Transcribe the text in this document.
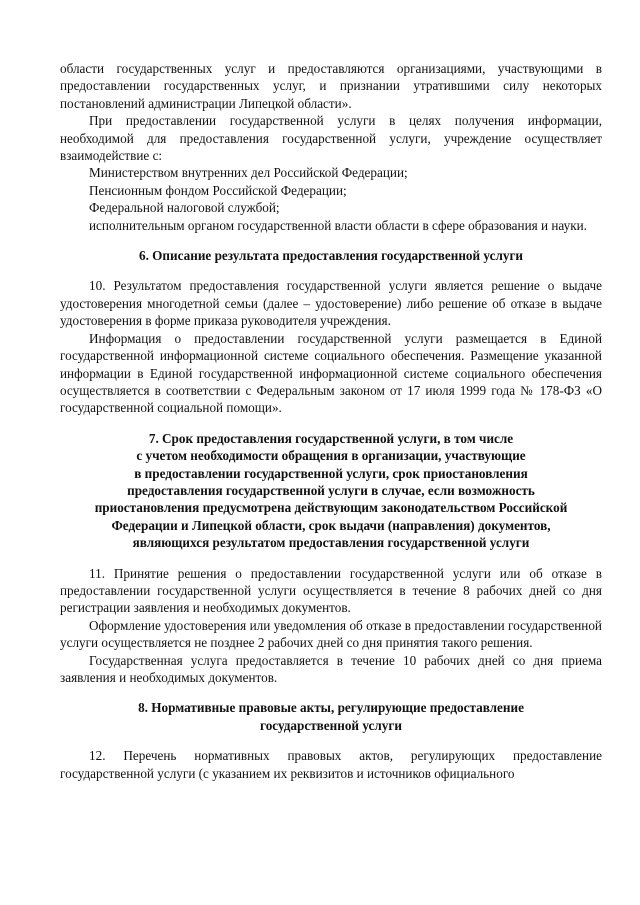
области государственных услуг и предоставляются организациями, участвующими в предоставлении государственных услуг, и признании утратившими силу некоторых постановлений администрации Липецкой области».

При предоставлении государственной услуги в целях получения информации, необходимой для предоставления государственной услуги, учреждение осуществляет взаимодействие с:

Министерством внутренних дел Российской Федерации;

Пенсионным фондом Российской Федерации;

Федеральной налоговой службой;

исполнительным органом государственной власти области в сфере образования и науки.

6. Описание результата предоставления государственной услуги

10. Результатом предоставления государственной услуги является решение о выдаче удостоверения многодетной семьи (далее – удостоверение) либо решение об отказе в выдаче удостоверения в форме приказа руководителя учреждения.

Информация о предоставлении государственной услуги размещается в Единой государственной информационной системе социального обеспечения. Размещение указанной информации в Единой государственной информационной системе социального обеспечения осуществляется в соответствии с Федеральным законом от 17 июля 1999 года № 178-ФЗ «О государственной социальной помощи».

7. Срок предоставления государственной услуги, в том числе
с учетом необходимости обращения в организации, участвующие
в предоставлении государственной услуги, срок приостановления
предоставления государственной услуги в случае, если возможность
приостановления предусмотрена действующим законодательством Российской
Федерации и Липецкой области, срок выдачи (направления) документов,
являющихся результатом предоставления государственной услуги

11. Принятие решения о предоставлении государственной услуги или об отказе в предоставлении государственной услуги осуществляется в течение 8 рабочих дней со дня регистрации заявления и необходимых документов.

Оформление удостоверения или уведомления об отказе в предоставлении государственной услуги осуществляется не позднее 2 рабочих дней со дня принятия такого решения.

Государственная услуга предоставляется в течение 10 рабочих дней со дня приема заявления и необходимых документов.

8. Нормативные правовые акты, регулирующие предоставление
государственной услуги

12. Перечень нормативных правовых актов, регулирующих предоставление государственной услуги (с указанием их реквизитов и источников официального
